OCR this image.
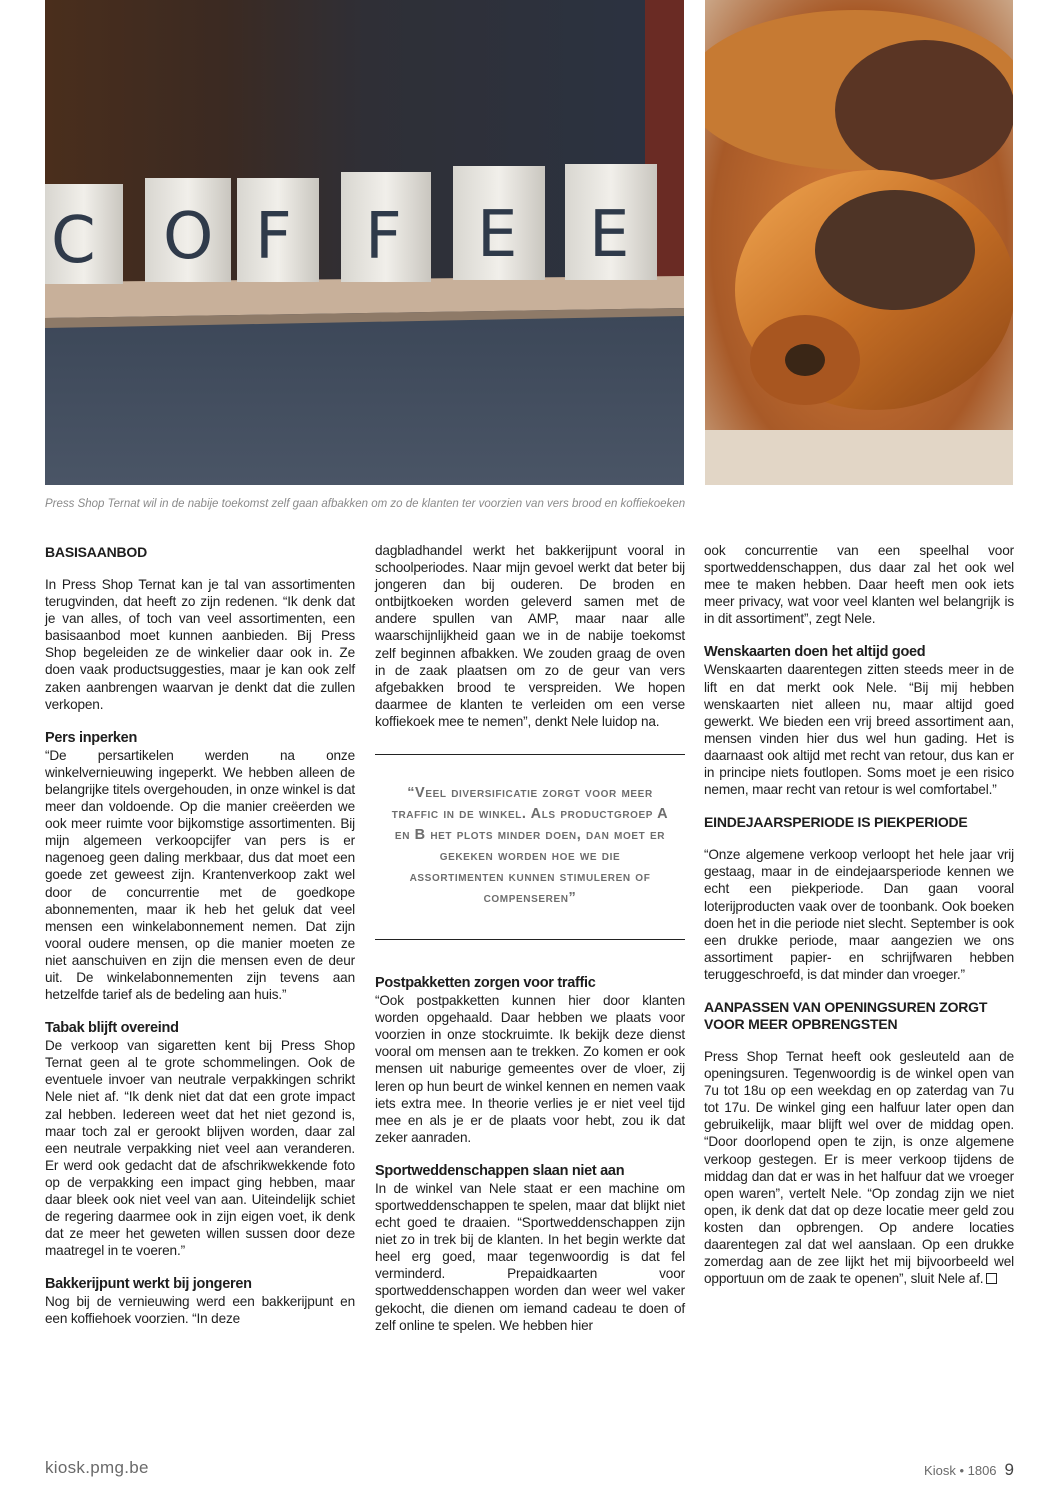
C O F F E E
Press Shop Ternat wil in de nabije toekomst zelf gaan afbakken om zo de klanten ter voorzien van vers brood en koffiekoeken
BASISAANBOD

In Press Shop Ternat kan je tal van assortimenten terugvinden, dat heeft zo zijn redenen. “Ik denk dat je van alles, of toch van veel assortimenten, een basisaanbod moet kunnen aanbieden. Bij Press Shop begeleiden ze de winkelier daar ook in. Ze doen vaak productsuggesties, maar je kan ook zelf zaken aanbrengen waarvan je denkt dat die zullen verkopen.

Pers inperken

“De persartikelen werden na onze winkelvernieuwing ingeperkt. We hebben alleen de belangrijke titels overgehouden, in onze winkel is dat meer dan voldoende. Op die manier creëerden we ook meer ruimte voor bijkomstige assortimenten. Bij mijn algemeen verkoopcijfer van pers is er nagenoeg geen daling merkbaar, dus dat moet een goede zet geweest zijn. Krantenverkoop zakt wel door de concurrentie met de goedkope abonnementen, maar ik heb het geluk dat veel mensen een winkelabonnement nemen. Dat zijn vooral oudere mensen, op die manier moeten ze niet aanschuiven en zijn die mensen even de deur uit. De winkelabonnementen zijn tevens aan hetzelfde tarief als de bedeling aan huis.”

Tabak blijft overeind

De verkoop van sigaretten kent bij Press Shop Ternat geen al te grote schommelingen. Ook de eventuele invoer van neutrale verpakkingen schrikt Nele niet af. “Ik denk niet dat dat een grote impact zal hebben. Iedereen weet dat het niet gezond is, maar toch zal er gerookt blijven worden, daar zal een neutrale verpakking niet veel aan veranderen. Er werd ook gedacht dat de afschrikwekkende foto op de verpakking een impact ging hebben, maar daar bleek ook niet veel van aan. Uiteindelijk schiet de regering daarmee ook in zijn eigen voet, ik denk dat ze meer het geweten willen sussen door deze maatregel in te voeren.”

Bakkerijpunt werkt bij jongeren

Nog bij de vernieuwing werd een bakkerijpunt en een koffiehoek voorzien. “In deze

dagbladhandel werkt het bakkerijpunt vooral in schoolperiodes. Naar mijn gevoel werkt dat beter bij jongeren dan bij ouderen. De broden en ontbijtkoeken worden geleverd samen met de andere spullen van AMP, maar naar alle waarschijnlijkheid gaan we in de nabije toekomst zelf beginnen afbakken. We zouden graag de oven in de zaak plaatsen om zo de geur van vers afgebakken brood te verspreiden. We hopen daarmee de klanten te verleiden om een verse koffiekoek mee te nemen”, denkt Nele luidop na.

“Veel diversificatie zorgt voor meer traffic in de winkel. Als productgroep A en B het plots minder doen, dan moet er gekeken worden hoe we die assortimenten kunnen stimuleren of compenseren”
Postpakketten zorgen voor traffic

“Ook postpakketten kunnen hier door klanten worden opgehaald. Daar hebben we plaats voor voorzien in onze stockruimte. Ik bekijk deze dienst vooral om mensen aan te trekken. Zo komen er ook mensen uit naburige gemeentes over de vloer, zij leren op hun beurt de winkel kennen en nemen vaak iets extra mee. In theorie verlies je er niet veel tijd mee en als je er de plaats voor hebt, zou ik dat zeker aanraden.

Sportweddenschappen slaan niet aan

In de winkel van Nele staat er een machine om sportweddenschappen te spelen, maar dat blijkt niet echt goed te draaien. “Sportweddenschappen zijn niet zo in trek bij de klanten. In het begin werkte dat heel erg goed, maar tegenwoordig is dat fel verminderd. Prepaidkaarten voor sportweddenschappen worden dan weer wel vaker gekocht, die dienen om iemand cadeau te doen of zelf online te spelen. We hebben hier

ook concurrentie van een speelhal voor sportweddenschappen, dus daar zal het ook wel mee te maken hebben. Daar heeft men ook iets meer privacy, wat voor veel klanten wel belangrijk is in dit assortiment”, zegt Nele.

Wenskaarten doen het altijd goed

Wenskaarten daarentegen zitten steeds meer in de lift en dat merkt ook Nele. “Bij mij hebben wenskaarten niet alleen nu, maar altijd goed gewerkt. We bieden een vrij breed assortiment aan, mensen vinden hier dus wel hun gading. Het is daarnaast ook altijd met recht van retour, dus kan er in principe niets foutlopen. Soms moet je een risico nemen, maar recht van retour is wel comfortabel.”

EINDEJAARSPERIODE IS PIEKPERIODE

“Onze algemene verkoop verloopt het hele jaar vrij gestaag, maar in de eindejaarsperiode kennen we echt een piekperiode. Dan gaan vooral loterijproducten vaak over de toonbank. Ook boeken doen het in die periode niet slecht. September is ook een drukke periode, maar aangezien we ons assortiment papier- en schrijfwaren hebben teruggeschroefd, is dat minder dan vroeger.”

AANPASSEN VAN OPENINGSUREN ZORGT VOOR MEER OPBRENGSTEN

Press Shop Ternat heeft ook gesleuteld aan de openingsuren. Tegenwoordig is de winkel open van 7u tot 18u op een weekdag en op zaterdag van 7u tot 17u. De winkel ging een halfuur later open dan gebruikelijk, maar blijft wel over de middag open. “Door doorlopend open te zijn, is onze algemene verkoop gestegen. Er is meer verkoop tijdens de middag dan dat er was in het halfuur dat we vroeger open waren”, vertelt Nele. “Op zondag zijn we niet open, ik denk dat dat op deze locatie meer geld zou kosten dan opbrengen. Op andere locaties daarentegen zal dat wel aanslaan. Op een drukke zomerdag aan de zee lijkt het mij bijvoorbeeld wel opportuun om de zaak te openen”, sluit Nele af.

kiosk.pmg.be	Kiosk • 1806 9
